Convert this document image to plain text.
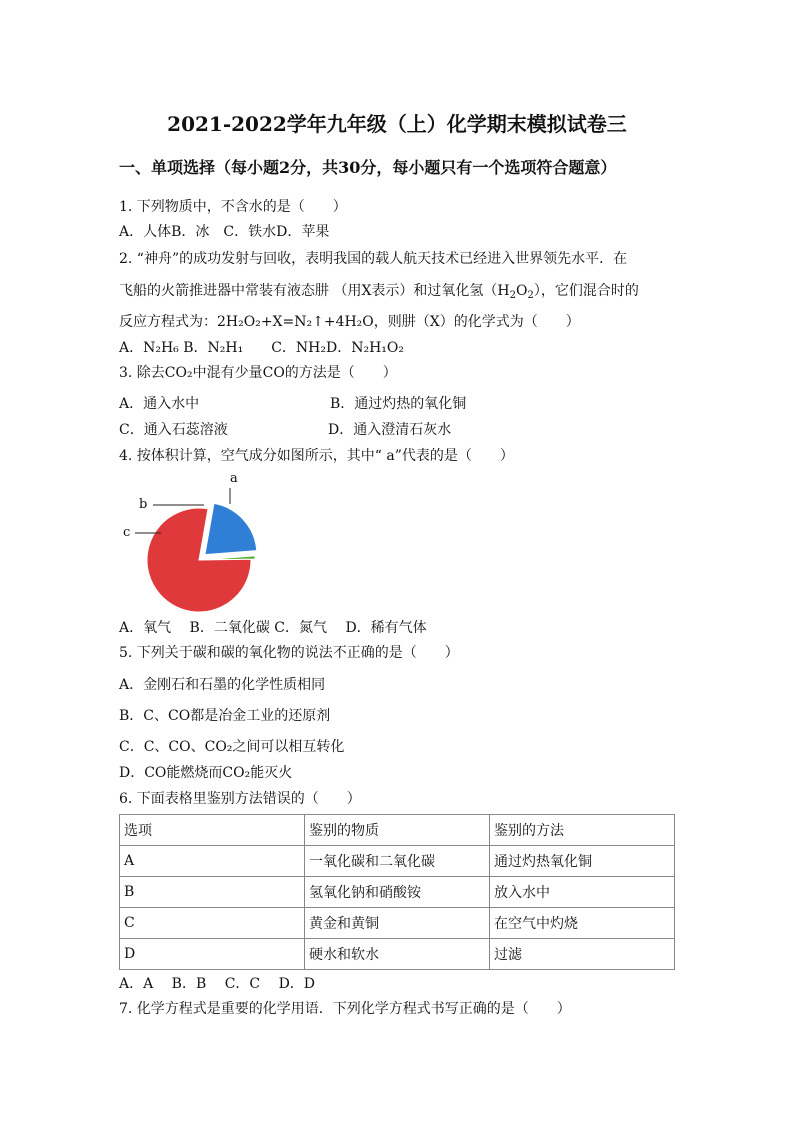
2021-2022学年九年级（上）化学期末模拟试卷三
一、单项选择（每小题2分，共30分，每小题只有一个选项符合题意）
1. 下列物质中，不含水的是（　　）
A．人体B．冰　C．铁水D．苹果
2. “神舟”的成功发射与回收，表明我国的载人航天技术已经进入世界领先水平．在
飞船的火箭推进器中常装有液态肼 （用X表示）和过氧化氢$(H_2O_2)$，它们混合时的
反应方程式为：2H₂O₂+X=N₂↑+4H₂O，则肼（X）的化学式为（　　）
A．N₂H₆ B．N₂H₁　　C．NH₂D．N₂H₁O₂
3. 除去CO₂中混有少量CO的方法是（　　）
A．通入水中	B．通过灼热的氧化铜
C．通入石蕊溶液	D．通入澄清石灰水
4. 按体积计算，空气成分如图所示，其中“ a”代表的是（　　）
a
b
c
A．氧气　 B．二氧化碳 C．氮气　 D．稀有气体
5. 下列关于碳和碳的氧化物的说法不正确的是（　　）
A．金刚石和石墨的化学性质相同
B．C、CO都是冶金工业的还原剂
C．C、CO、CO₂之间可以相互转化
D．CO能燃烧而CO₂能灭火
6. 下面表格里鉴别方法错误的（　　）
选项	鉴别的物质	鉴别的方法
A	一氧化碳和二氧化碳	通过灼热氧化铜
B	氢氧化钠和硝酸铵	放入水中
C	黄金和黄铜	在空气中灼烧
D	硬水和软水	过滤
A．A　 B．B　 C．C　 D．D
7. 化学方程式是重要的化学用语．下列化学方程式书写正确的是（　　）
